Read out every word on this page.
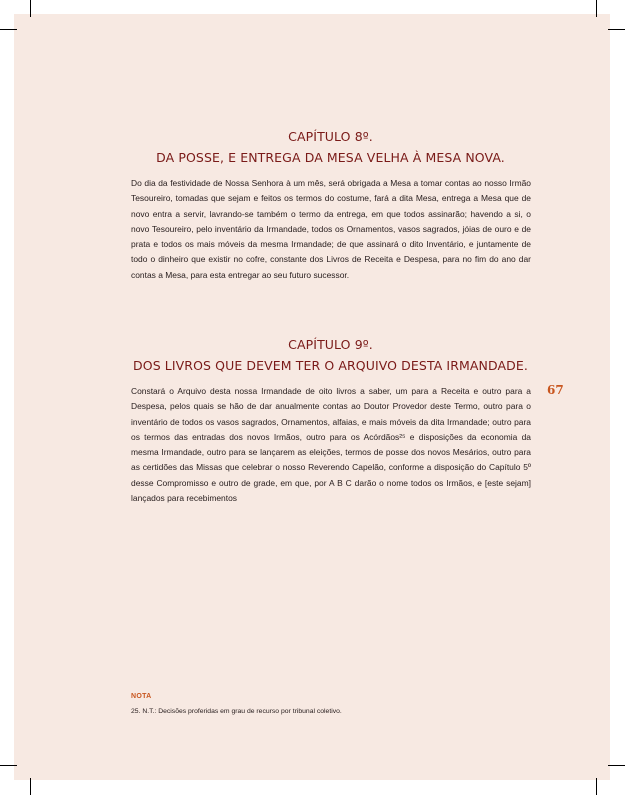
CAPÍTULO 8º.
DA POSSE, E ENTREGA DA MESA VELHA À MESA NOVA.

Do dia da festividade de Nossa Senhora à um mês, será obrigada a Mesa a tomar contas ao nosso Irmão Tesoureiro, tomadas que sejam e feitos os termos do costume, fará a dita Mesa, entrega a Mesa que de novo entra a servir, lavrando-se também o termo da entrega, em que todos assinarão; havendo a si, o novo Tesoureiro, pelo inventário da Irmandade, todos os Ornamentos, vasos sagrados, jóias de ouro e de prata e todos os mais móveis da mesma Irmandade; de que assinará o dito Inventário, e juntamente de todo o dinheiro que existir no cofre, constante dos Livros de Receita e Despesa, para no fim do ano dar contas a Mesa, para esta entregar ao seu futuro sucessor.

CAPÍTULO 9º.
DOS LIVROS QUE DEVEM TER O ARQUIVO DESTA IRMANDADE.

Constará o Arquivo desta nossa Irmandade de oito livros a saber, um para a Receita e outro para a Despesa, pelos quais se hão de dar anualmente contas ao Doutor Provedor deste Termo, outro para o inventário de todos os vasos sagrados, Ornamentos, alfaias, e mais móveis da dita Irmandade; outro para os termos das entradas dos novos Irmãos, outro para os Acórdãos²⁵ e disposições da economia da mesma Irmandade, outro para se lançarem as eleições, termos de posse dos novos Mesários, outro para as certidões das Missas que celebrar o nosso Reverendo Capelão, conforme a disposição do Capítulo 5º desse Compromisso e outro de grade, em que, por A B C darão o nome todos os Irmãos, e [este sejam] lançados para recebimentos

67
NOTA
25. N.T.: Decisões proferidas em grau de recurso por tribunal coletivo.
